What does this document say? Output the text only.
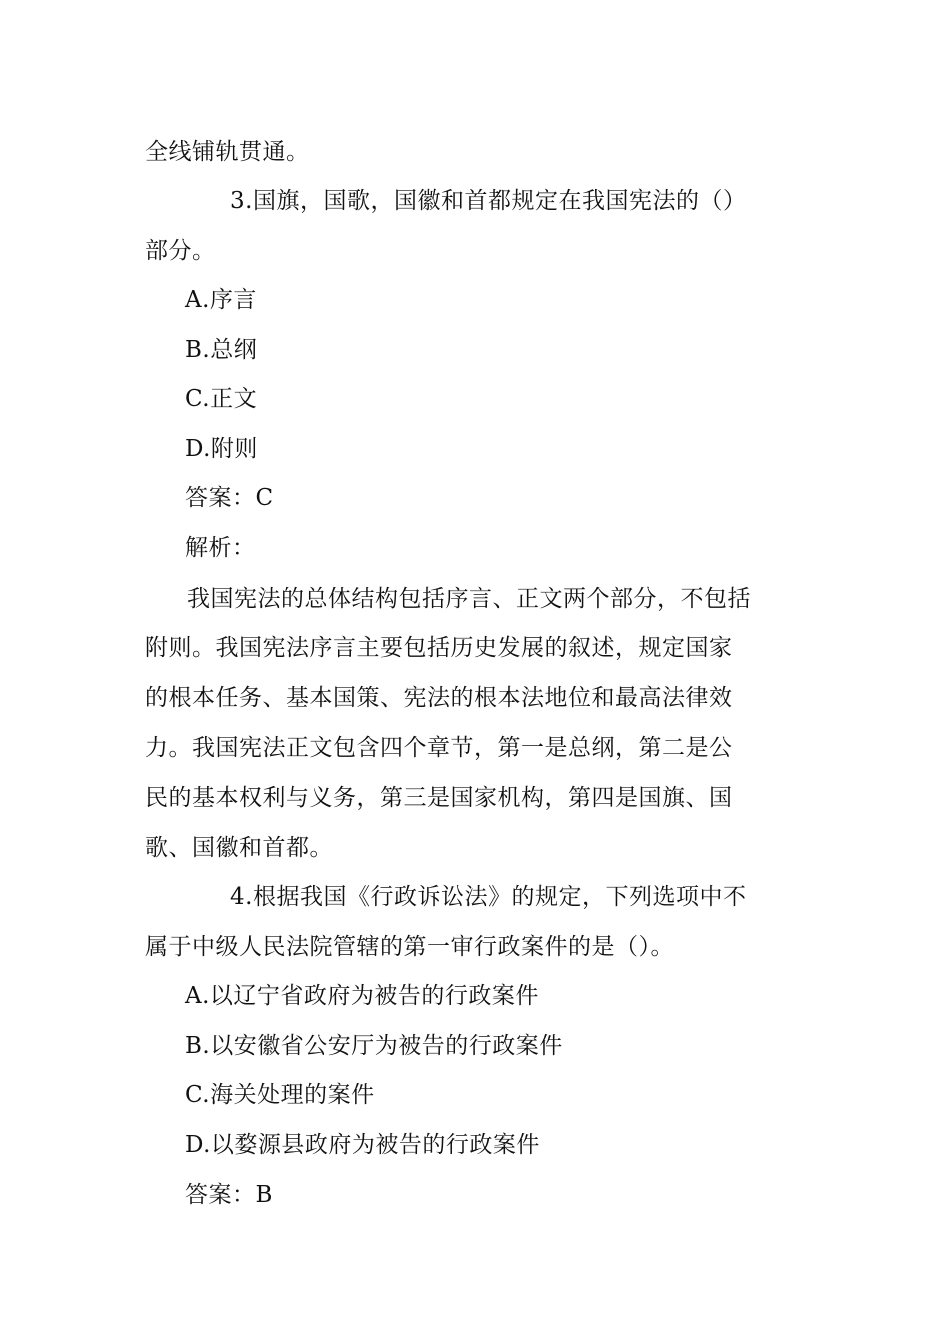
全线铺轨贯通。
3.国旗，国歌，国徽和首都规定在我国宪法的（）
部分。
A.序言
B.总纲
C.正文
D.附则
答案：C
解析：
我国宪法的总体结构包括序言、正文两个部分，不包括
附则。我国宪法序言主要包括历史发展的叙述，规定国家
的根本任务、基本国策、宪法的根本法地位和最高法律效
力。我国宪法正文包含四个章节，第一是总纲，第二是公
民的基本权利与义务，第三是国家机构，第四是国旗、国
歌、国徽和首都。
4.根据我国《行政诉讼法》的规定，下列选项中不
属于中级人民法院管辖的第一审行政案件的是（）。
A.以辽宁省政府为被告的行政案件
B.以安徽省公安厅为被告的行政案件
C.海关处理的案件
D.以婺源县政府为被告的行政案件
答案：B
